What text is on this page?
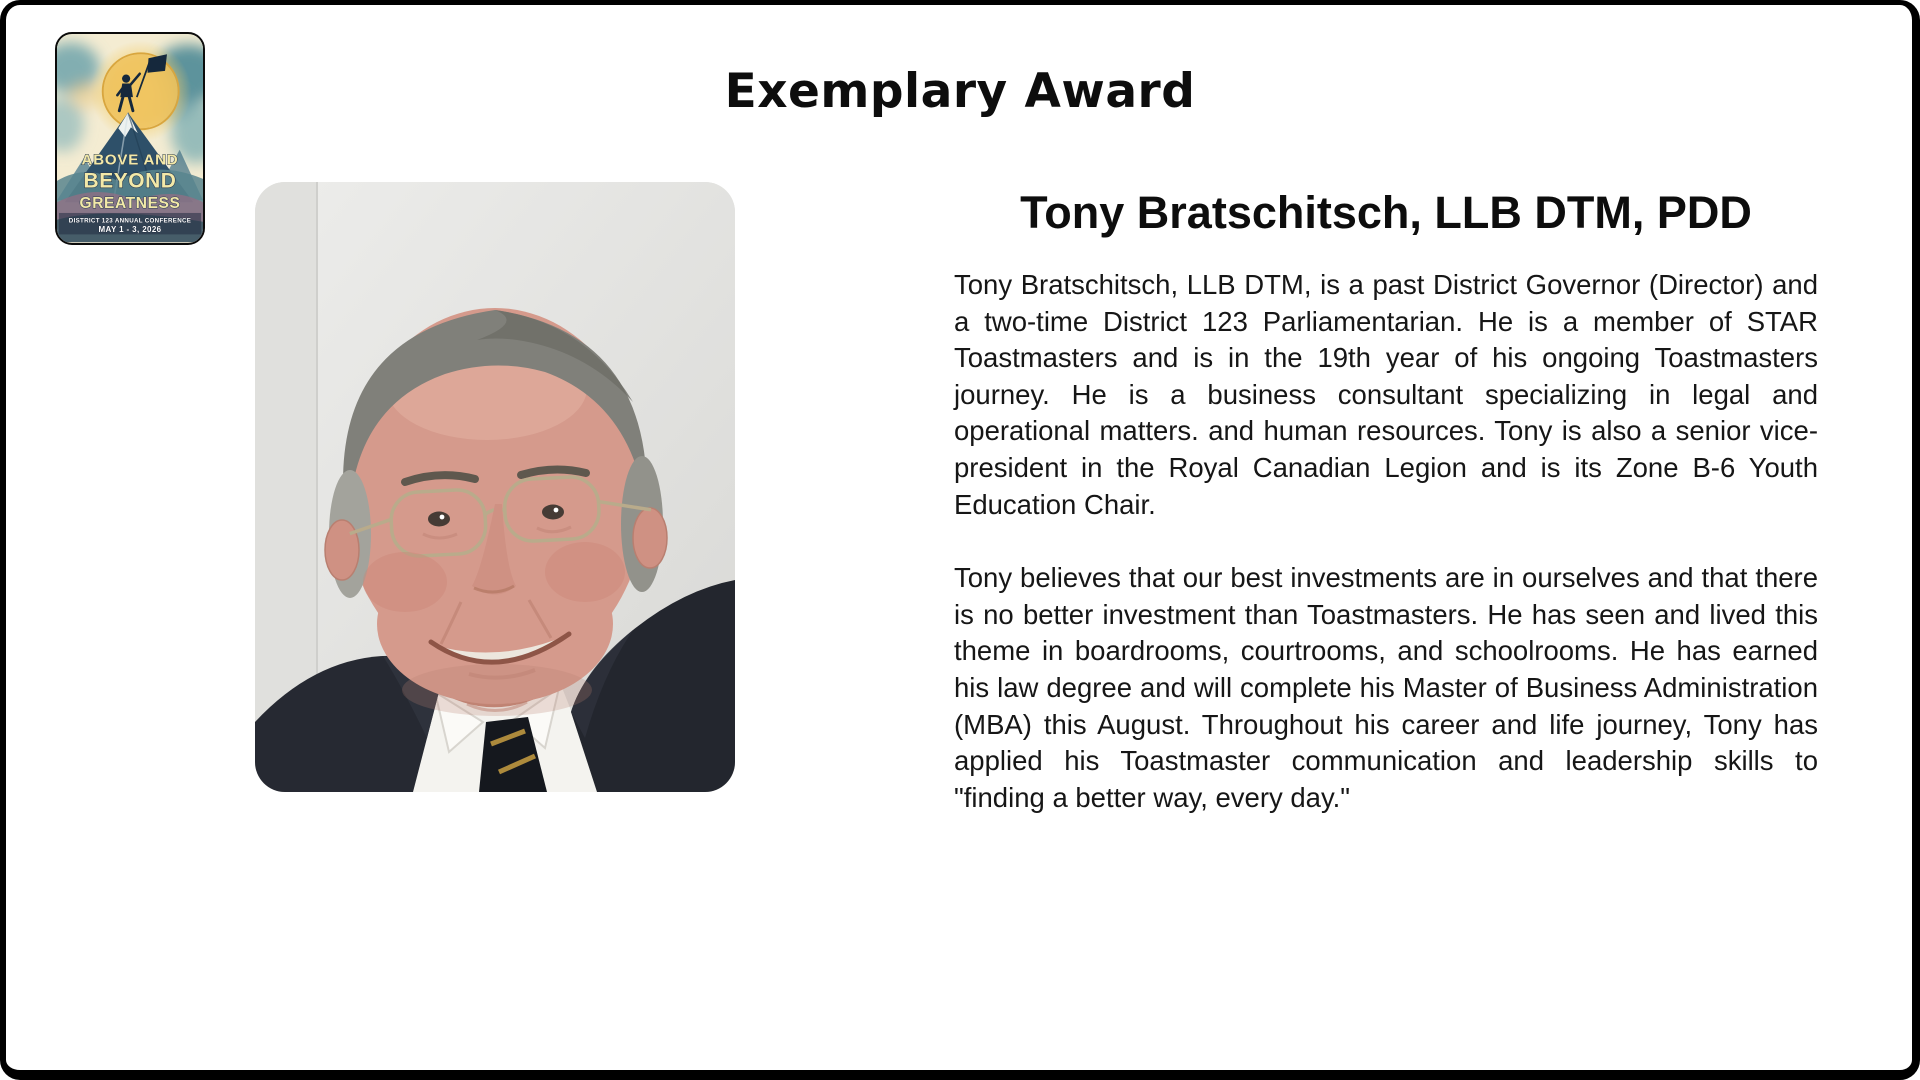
ABOVE AND
BEYOND
GREATNESS
DISTRICT 123 ANNUAL CONFERENCE
MAY 1 - 3, 2026
Exemplary Award
Tony Bratschitsch, LLB DTM, PDD

Tony Bratschitsch, LLB DTM, is a past District Governor (Director) and a two-time District 123 Parliamentarian. He is a member of STAR Toastmasters and is in the 19th year of his ongoing Toastmasters journey. He is a business consultant specializing in legal and operational matters. and human resources. Tony is also a senior vice-president in the Royal Canadian Legion and is its Zone B-6 Youth Education Chair.

Tony believes that our best investments are in ourselves and that there is no better investment than Toastmasters. He has seen and lived this theme in boardrooms, courtrooms, and schoolrooms. He has earned his law degree and will complete his Master of Business Administration (MBA) this August. Throughout his career and life journey, Tony has applied his Toastmaster communication and leadership skills to "finding a better way, every day."
